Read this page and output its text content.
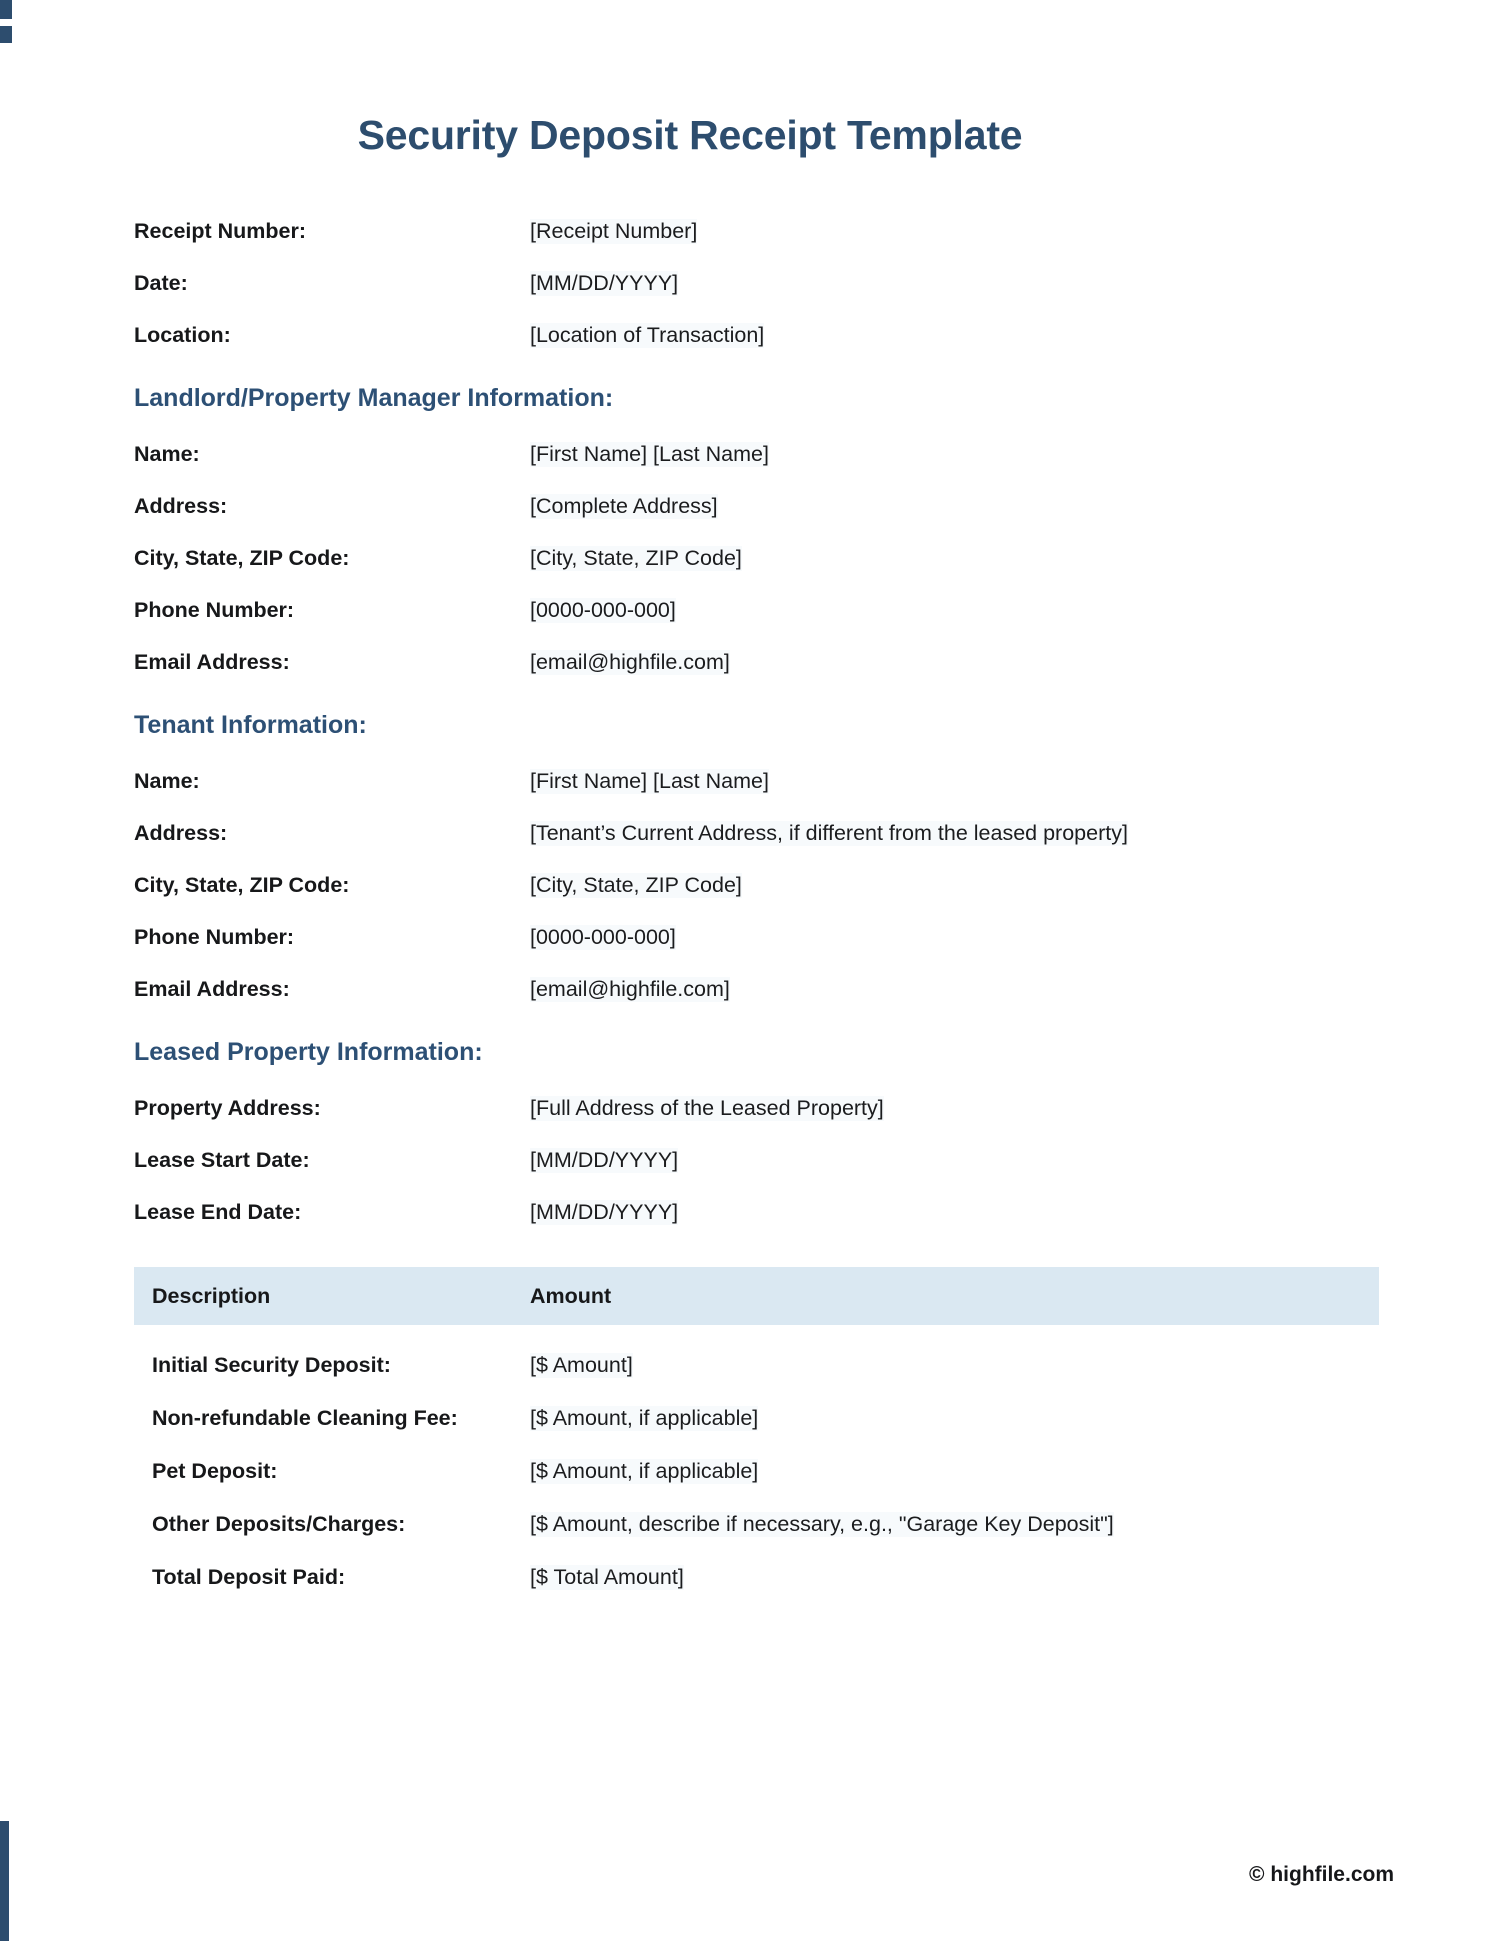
Security Deposit Receipt Template
Receipt Number:	[Receipt Number]
Date:	[MM/DD/YYYY]
Location:	[Location of Transaction]
Landlord/Property Manager Information:
Name:	[First Name] [Last Name]
Address:	[Complete Address]
City, State, ZIP Code:	[City, State, ZIP Code]
Phone Number:	[0000-000-000]
Email Address:	[email@highfile.com]
Tenant Information:
Name:	[First Name] [Last Name]
Address:	[Tenant’s Current Address, if different from the leased property]
City, State, ZIP Code:	[City, State, ZIP Code]
Phone Number:	[0000-000-000]
Email Address:	[email@highfile.com]
Leased Property Information:
Property Address:	[Full Address of the Leased Property]
Lease Start Date:	[MM/DD/YYYY]
Lease End Date:	[MM/DD/YYYY]
Description	Amount
Initial Security Deposit:	[$ Amount]
Non-refundable Cleaning Fee:	[$ Amount, if applicable]
Pet Deposit:	[$ Amount, if applicable]
Other Deposits/Charges:	[$ Amount, describe if necessary, e.g., "Garage Key Deposit"]
Total Deposit Paid:	[$ Total Amount]
© highfile.com
